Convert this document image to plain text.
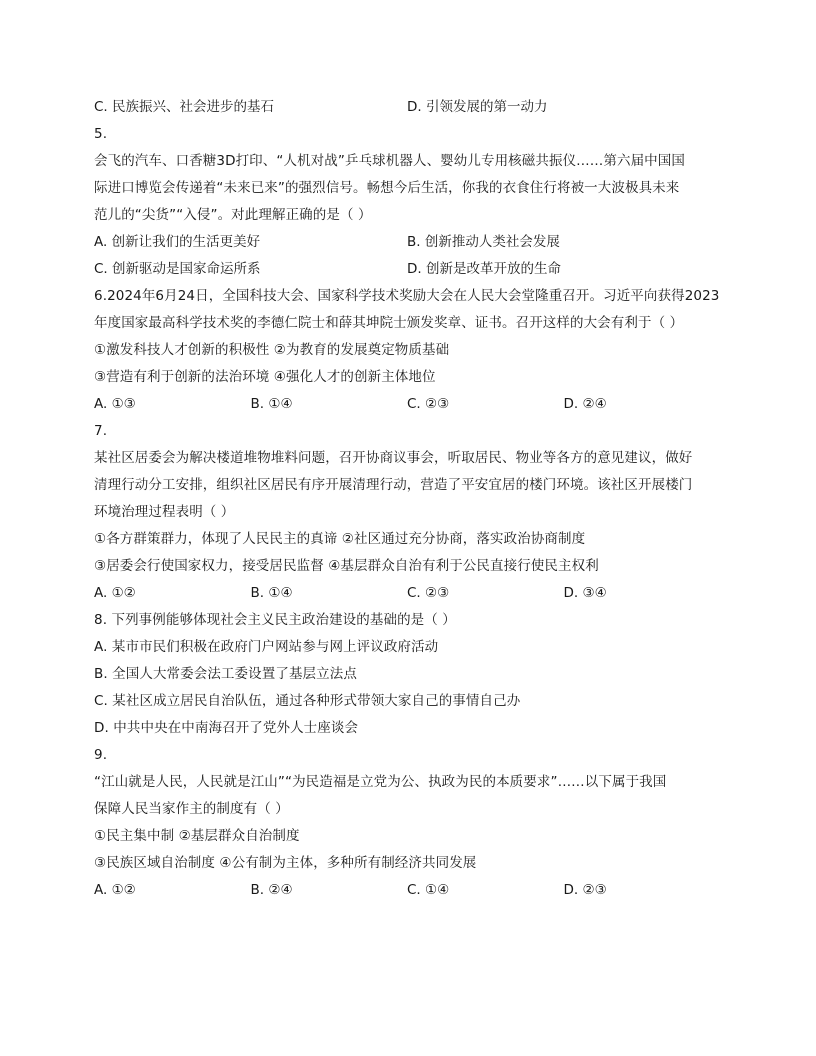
C. 民族振兴、社会进步的基石	D. 引领发展的第一动力
5.
会飞的汽车、口香糖3D打印、“人机对战”乒乓球机器人、婴幼儿专用核磁共振仪……第六届中国国
际进口博览会传递着“未来已来”的强烈信号。畅想今后生活，你我的衣食住行将被一大波极具未来
范儿的“尖货”“入侵”。对此理解正确的是（ ）
A. 创新让我们的生活更美好	B. 创新推动人类社会发展
C. 创新驱动是国家命运所系	D. 创新是改革开放的生命
6.2024年6月24日，全国科技大会、国家科学技术奖励大会在人民大会堂隆重召开。习近平向获得2023
年度国家最高科学技术奖的李德仁院士和薛其坤院士颁发奖章、证书。召开这样的大会有利于（ ）
①激发科技人才创新的积极性 ②为教育的发展奠定物质基础
③营造有利于创新的法治环境 ④强化人才的创新主体地位
A. ①③	B. ①④	C. ②③	D. ②④
7.
某社区居委会为解决楼道堆物堆料问题，召开协商议事会，听取居民、物业等各方的意见建议，做好
清理行动分工安排，组织社区居民有序开展清理行动，营造了平安宜居的楼门环境。该社区开展楼门
环境治理过程表明（ ）
①各方群策群力，体现了人民民主的真谛 ②社区通过充分协商，落实政治协商制度
③居委会行使国家权力，接受居民监督 ④基层群众自治有利于公民直接行使民主权利
A. ①②	B. ①④	C. ②③	D. ③④
8. 下列事例能够体现社会主义民主政治建设的基础的是（ ）
A. 某市市民们积极在政府门户网站参与网上评议政府活动
B. 全国人大常委会法工委设置了基层立法点
C. 某社区成立居民自治队伍，通过各种形式带领大家自己的事情自己办
D. 中共中央在中南海召开了党外人士座谈会
9.
“江山就是人民，人民就是江山”“为民造福是立党为公、执政为民的本质要求”……以下属于我国
保障人民当家作主的制度有（ ）
①民主集中制 ②基层群众自治制度
③民族区域自治制度 ④公有制为主体，多种所有制经济共同发展
A. ①②	B. ②④	C. ①④	D. ②③
